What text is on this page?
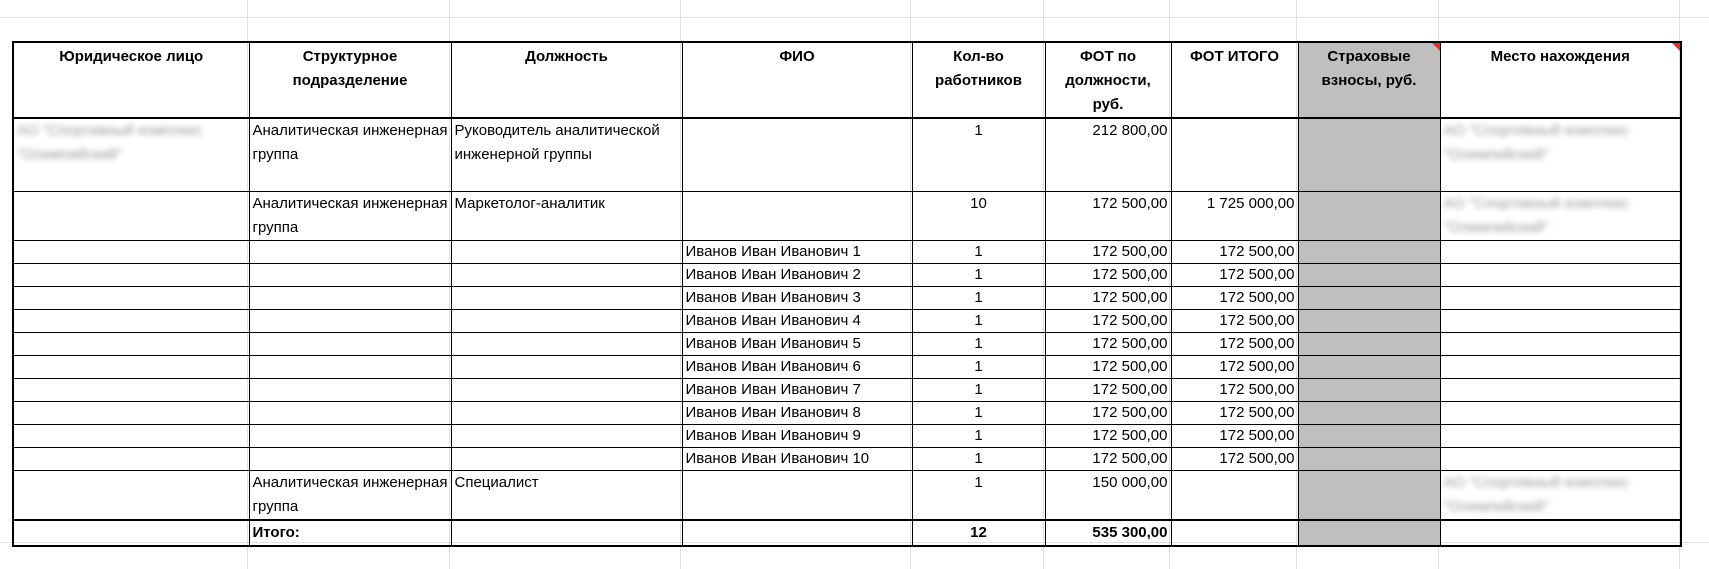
Юридическое лицо	Структурное подразделение	Должность	ФИО	Кол-во работников	ФОТ по должности, руб.	ФОТ ИТОГО	Страховые взносы, руб.	Место нахождения

АО "Спортивный комплекс "Олимпийский"	Аналитическая инженерная группа	Руководитель аналитической инженерной группы		1	212 800,00			АО "Спортивный комплекс "Олимпийский"
	Аналитическая инженерная группа	Маркетолог-аналитик		10	172 500,00	1 725 000,00		АО "Спортивный комплекс "Олимпийский"
			Иванов Иван Иванович 1	1	172 500,00	172 500,00		
			Иванов Иван Иванович 2	1	172 500,00	172 500,00		
			Иванов Иван Иванович 3	1	172 500,00	172 500,00		
			Иванов Иван Иванович 4	1	172 500,00	172 500,00		
			Иванов Иван Иванович 5	1	172 500,00	172 500,00		
			Иванов Иван Иванович 6	1	172 500,00	172 500,00		
			Иванов Иван Иванович 7	1	172 500,00	172 500,00		
			Иванов Иван Иванович 8	1	172 500,00	172 500,00		
			Иванов Иван Иванович 9	1	172 500,00	172 500,00		
			Иванов Иван Иванович 10	1	172 500,00	172 500,00		
	Аналитическая инженерная группа	Специалист		1	150 000,00			АО "Спортивный комплекс "Олимпийский"
	Итого:			12	535 300,00			
